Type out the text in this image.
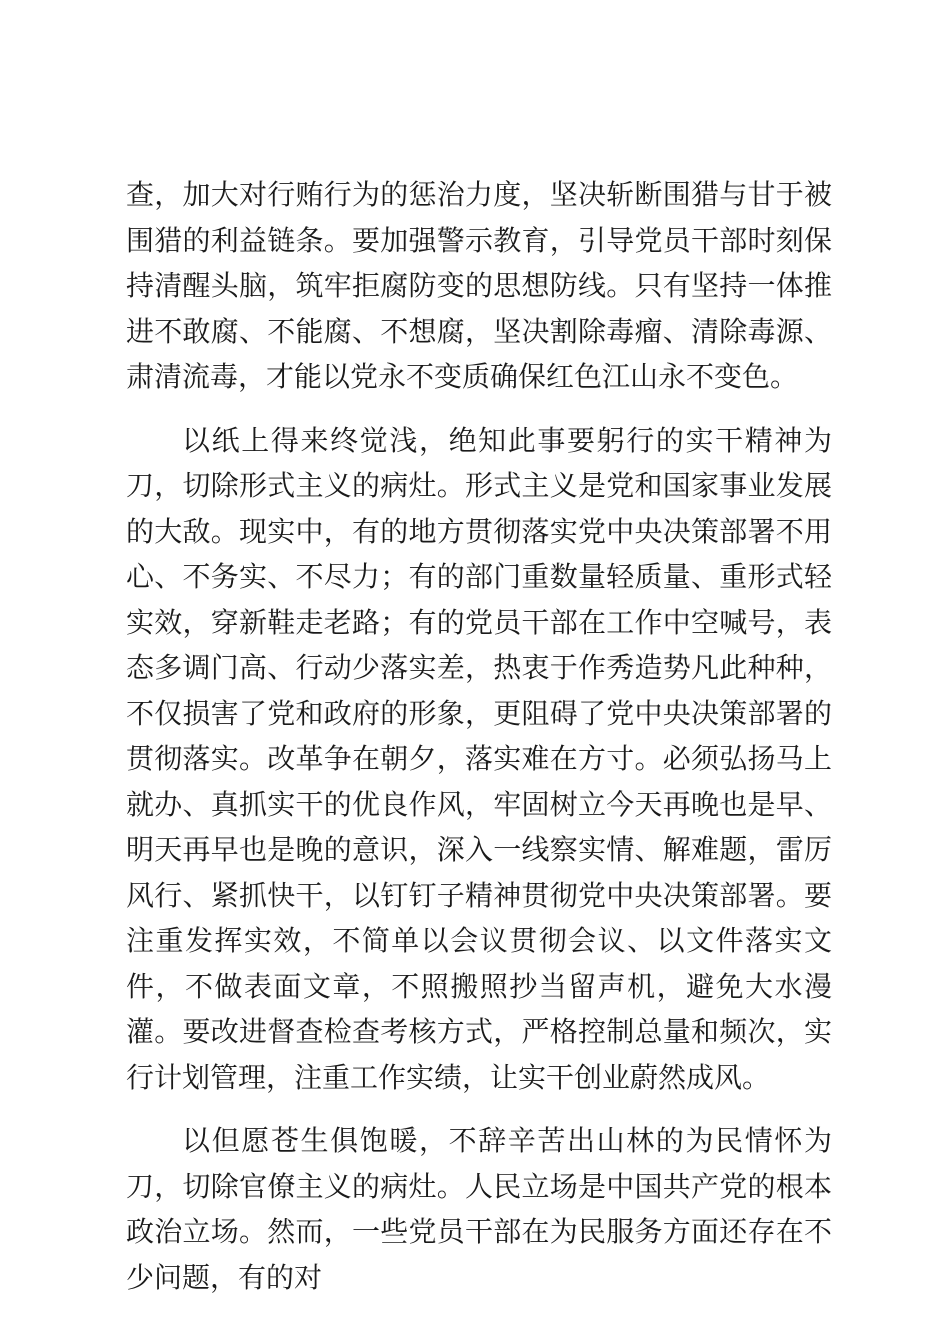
查，加大对行贿行为的惩治力度，坚决斩断围猎与甘于被围猎的利益链条。要加强警示教育，引导党员干部时刻保持清醒头脑，筑牢拒腐防变的思想防线。只有坚持一体推进不敢腐、不能腐、不想腐，坚决割除毒瘤、清除毒源、肃清流毒，才能以党永不变质确保红色江山永不变色。

以纸上得来终觉浅，绝知此事要躬行的实干精神为刀，切除形式主义的病灶。形式主义是党和国家事业发展的大敌。现实中，有的地方贯彻落实党中央决策部署不用心、不务实、不尽力；有的部门重数量轻质量、重形式轻实效，穿新鞋走老路；有的党员干部在工作中空喊号，表态多调门高、行动少落实差，热衷于作秀造势凡此种种，不仅损害了党和政府的形象，更阻碍了党中央决策部署的贯彻落实。改革争在朝夕，落实难在方寸。必须弘扬马上就办、真抓实干的优良作风，牢固树立今天再晚也是早、明天再早也是晚的意识，深入一线察实情、解难题，雷厉风行、紧抓快干，以钉钉子精神贯彻党中央决策部署。要注重发挥实效，不简单以会议贯彻会议、以文件落实文件，不做表面文章，不照搬照抄当留声机，避免大水漫灌。要改进督查检查考核方式，严格控制总量和频次，实行计划管理，注重工作实绩，让实干创业蔚然成风。

以但愿苍生俱饱暖，不辞辛苦出山林的为民情怀为刀，切除官僚主义的病灶。人民立场是中国共产党的根本政治立场。然而，一些党员干部在为民服务方面还存在不少问题，有的对
